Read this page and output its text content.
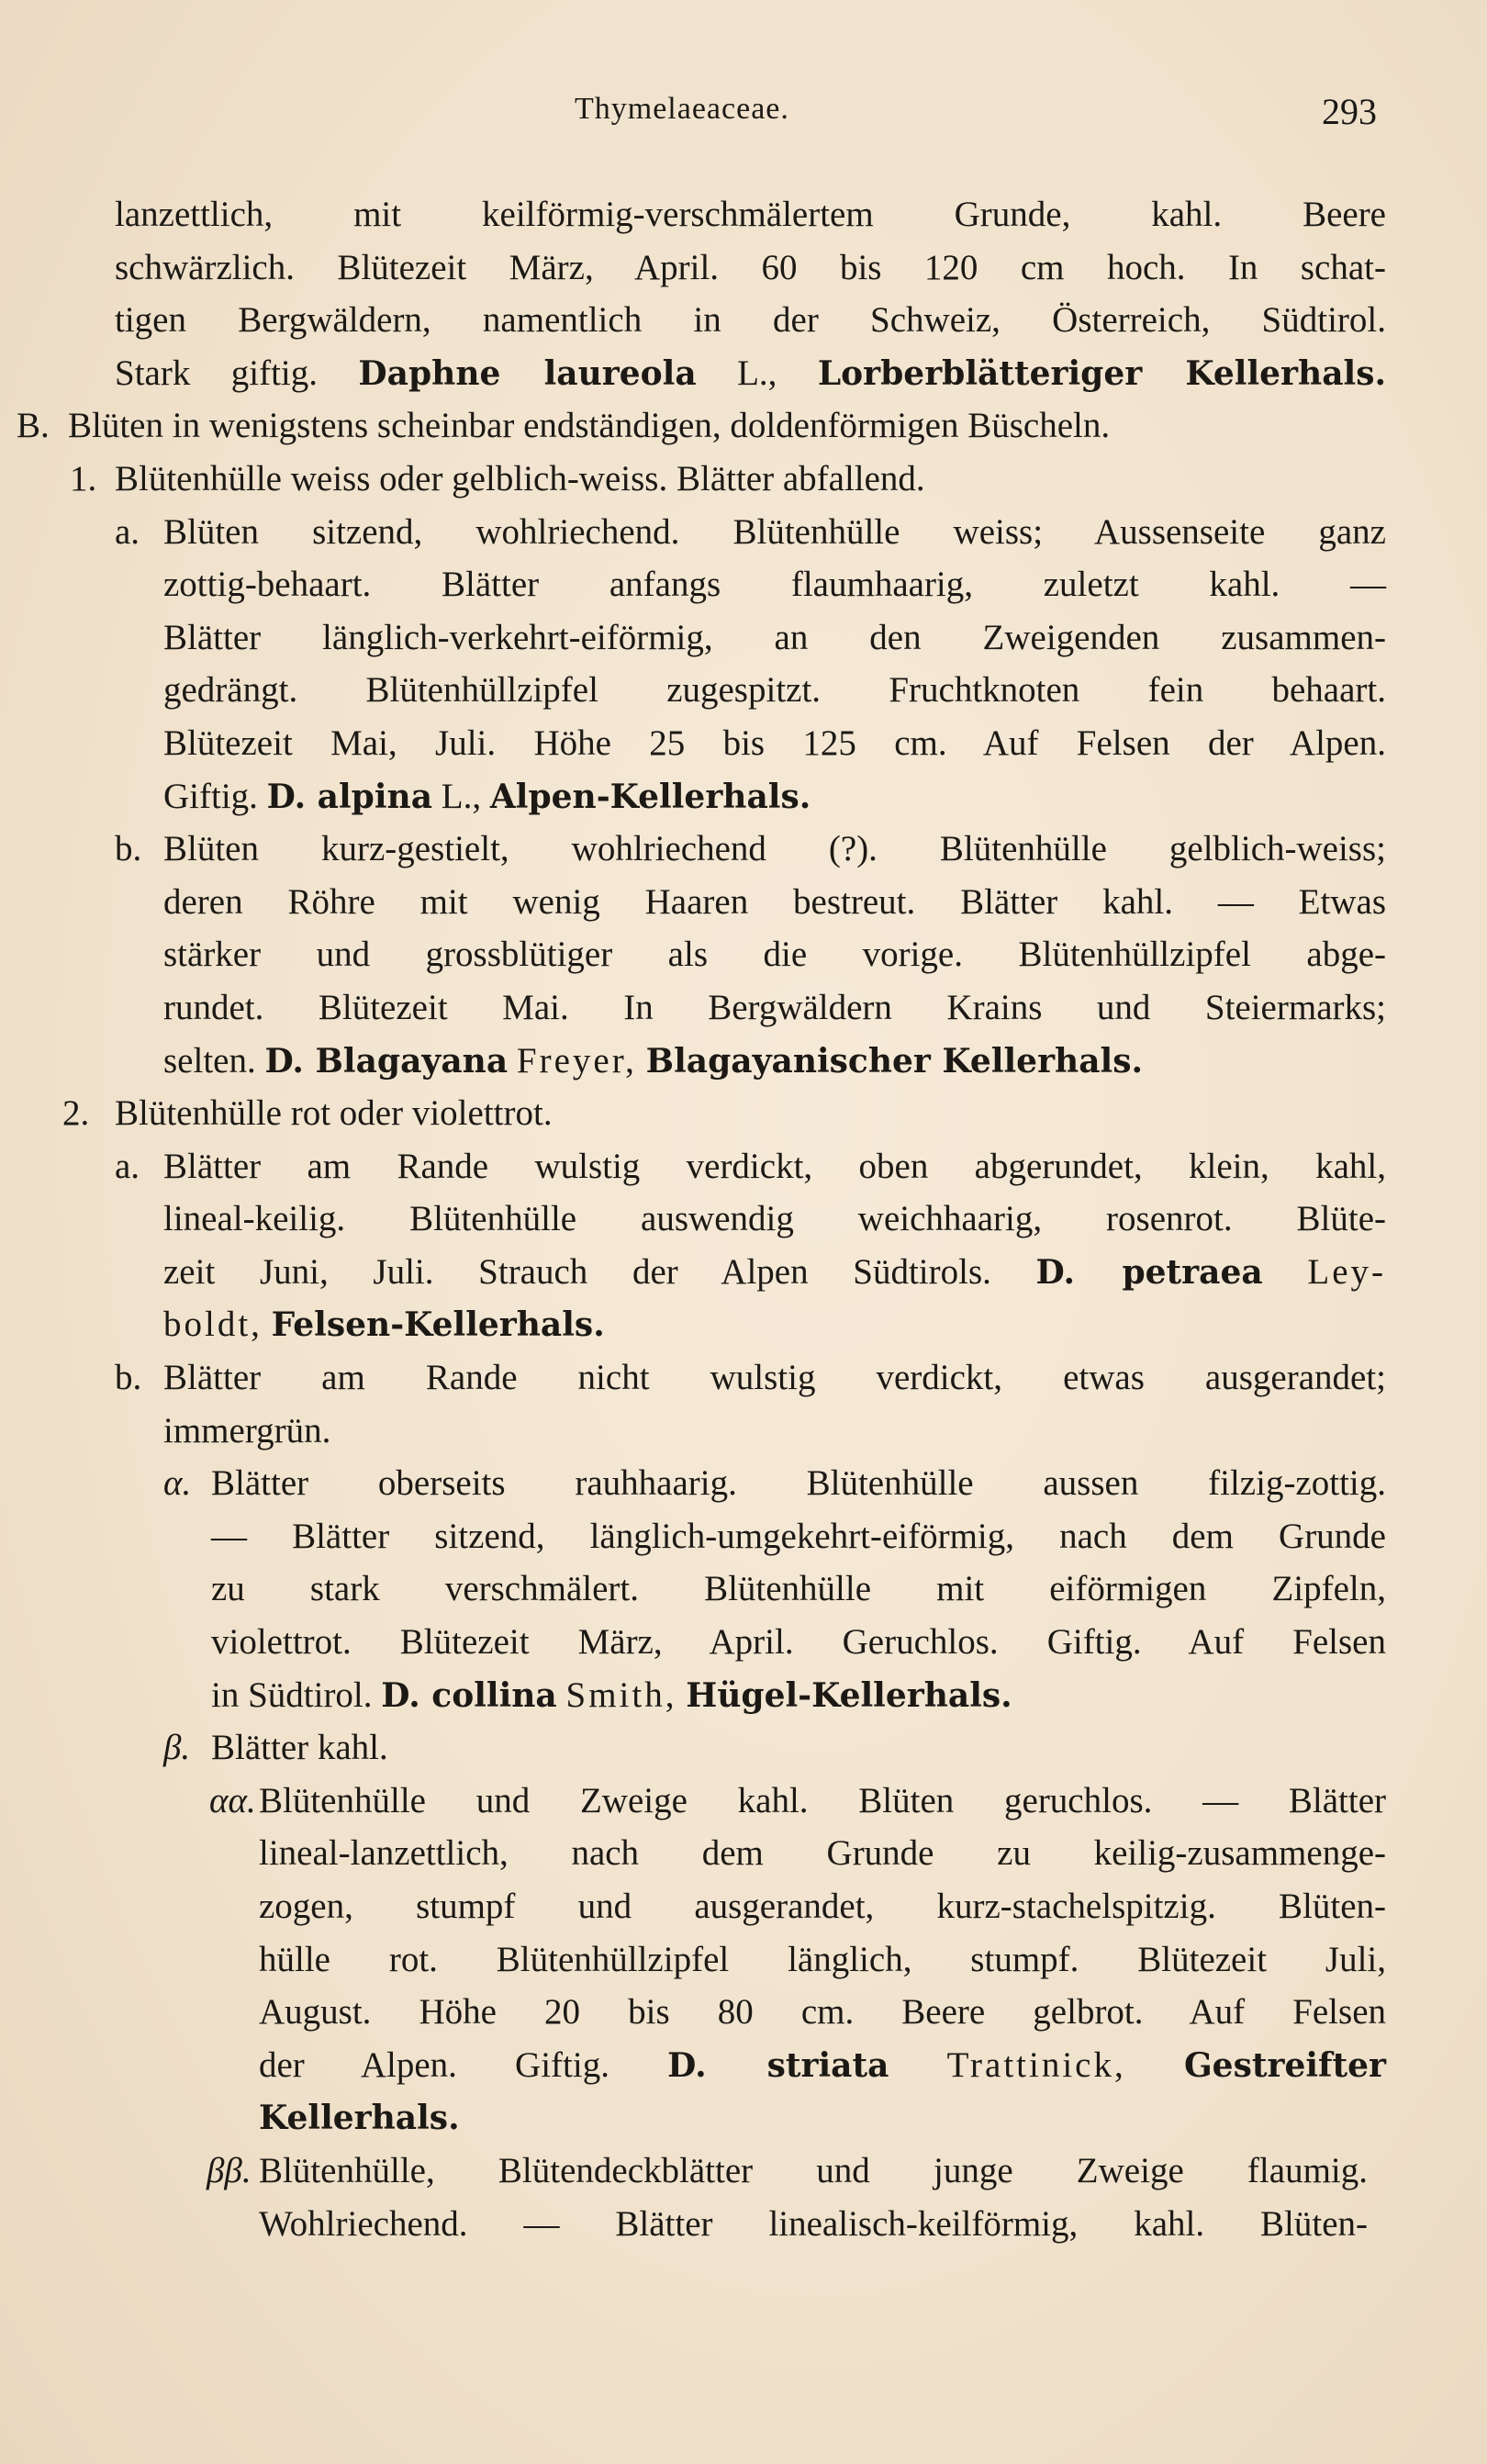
Thymelaeaceae.	293
lanzettlich, mit keilförmig-verschmälertem Grunde, kahl. Beere
schwärzlich. Blütezeit März, April. 60 bis 120 cm hoch. In schat-
tigen Bergwäldern, namentlich in der Schweiz, Österreich, Südtirol.
Stark giftig. Daphne laureola L., Lorberblätteriger Kellerhals.
B. Blüten in wenigstens scheinbar endständigen, doldenförmigen Büscheln.
1. Blütenhülle weiss oder gelblich-weiss. Blätter abfallend.
a. Blüten sitzend, wohlriechend. Blütenhülle weiss; Aussenseite ganz
zottig-behaart. Blätter anfangs flaumhaarig, zuletzt kahl. —
Blätter länglich-verkehrt-eiförmig, an den Zweigenden zusammen-
gedrängt. Blütenhüllzipfel zugespitzt. Fruchtknoten fein behaart.
Blütezeit Mai, Juli. Höhe 25 bis 125 cm. Auf Felsen der Alpen.
Giftig. D. alpina L., Alpen-Kellerhals.
b. Blüten kurz-gestielt, wohlriechend (?). Blütenhülle gelblich-weiss;
deren Röhre mit wenig Haaren bestreut. Blätter kahl. — Etwas
stärker und grossblütiger als die vorige. Blütenhüllzipfel abge-
rundet. Blütezeit Mai. In Bergwäldern Krains und Steiermarks;
selten. D. Blagayana Freyer, Blagayanischer Kellerhals.
2. Blütenhülle rot oder violettrot.
a. Blätter am Rande wulstig verdickt, oben abgerundet, klein, kahl,
lineal-keilig. Blütenhülle auswendig weichhaarig, rosenrot. Blüte-
zeit Juni, Juli. Strauch der Alpen Südtirols. D. petraea Ley-
boldt, Felsen-Kellerhals.
b. Blätter am Rande nicht wulstig verdickt, etwas ausgerandet;
immergrün.
α. Blätter oberseits rauhhaarig. Blütenhülle aussen filzig-zottig.
— Blätter sitzend, länglich-umgekehrt-eiförmig, nach dem Grunde
zu stark verschmälert. Blütenhülle mit eiförmigen Zipfeln,
violettrot. Blütezeit März, April. Geruchlos. Giftig. Auf Felsen
in Südtirol. D. collina Smith, Hügel-Kellerhals.
β. Blätter kahl.
αα. Blütenhülle und Zweige kahl. Blüten geruchlos. — Blätter
lineal-lanzettlich, nach dem Grunde zu keilig-zusammenge-
zogen, stumpf und ausgerandet, kurz-stachelspitzig. Blüten-
hülle rot. Blütenhüllzipfel länglich, stumpf. Blütezeit Juli,
August. Höhe 20 bis 80 cm. Beere gelbrot. Auf Felsen
der Alpen. Giftig. D. striata Trattinick, Gestreifter
Kellerhals.
ββ. Blütenhülle, Blütendeckblätter und junge Zweige flaumig.
Wohlriechend. — Blätter linealisch-keilförmig, kahl. Blüten-
